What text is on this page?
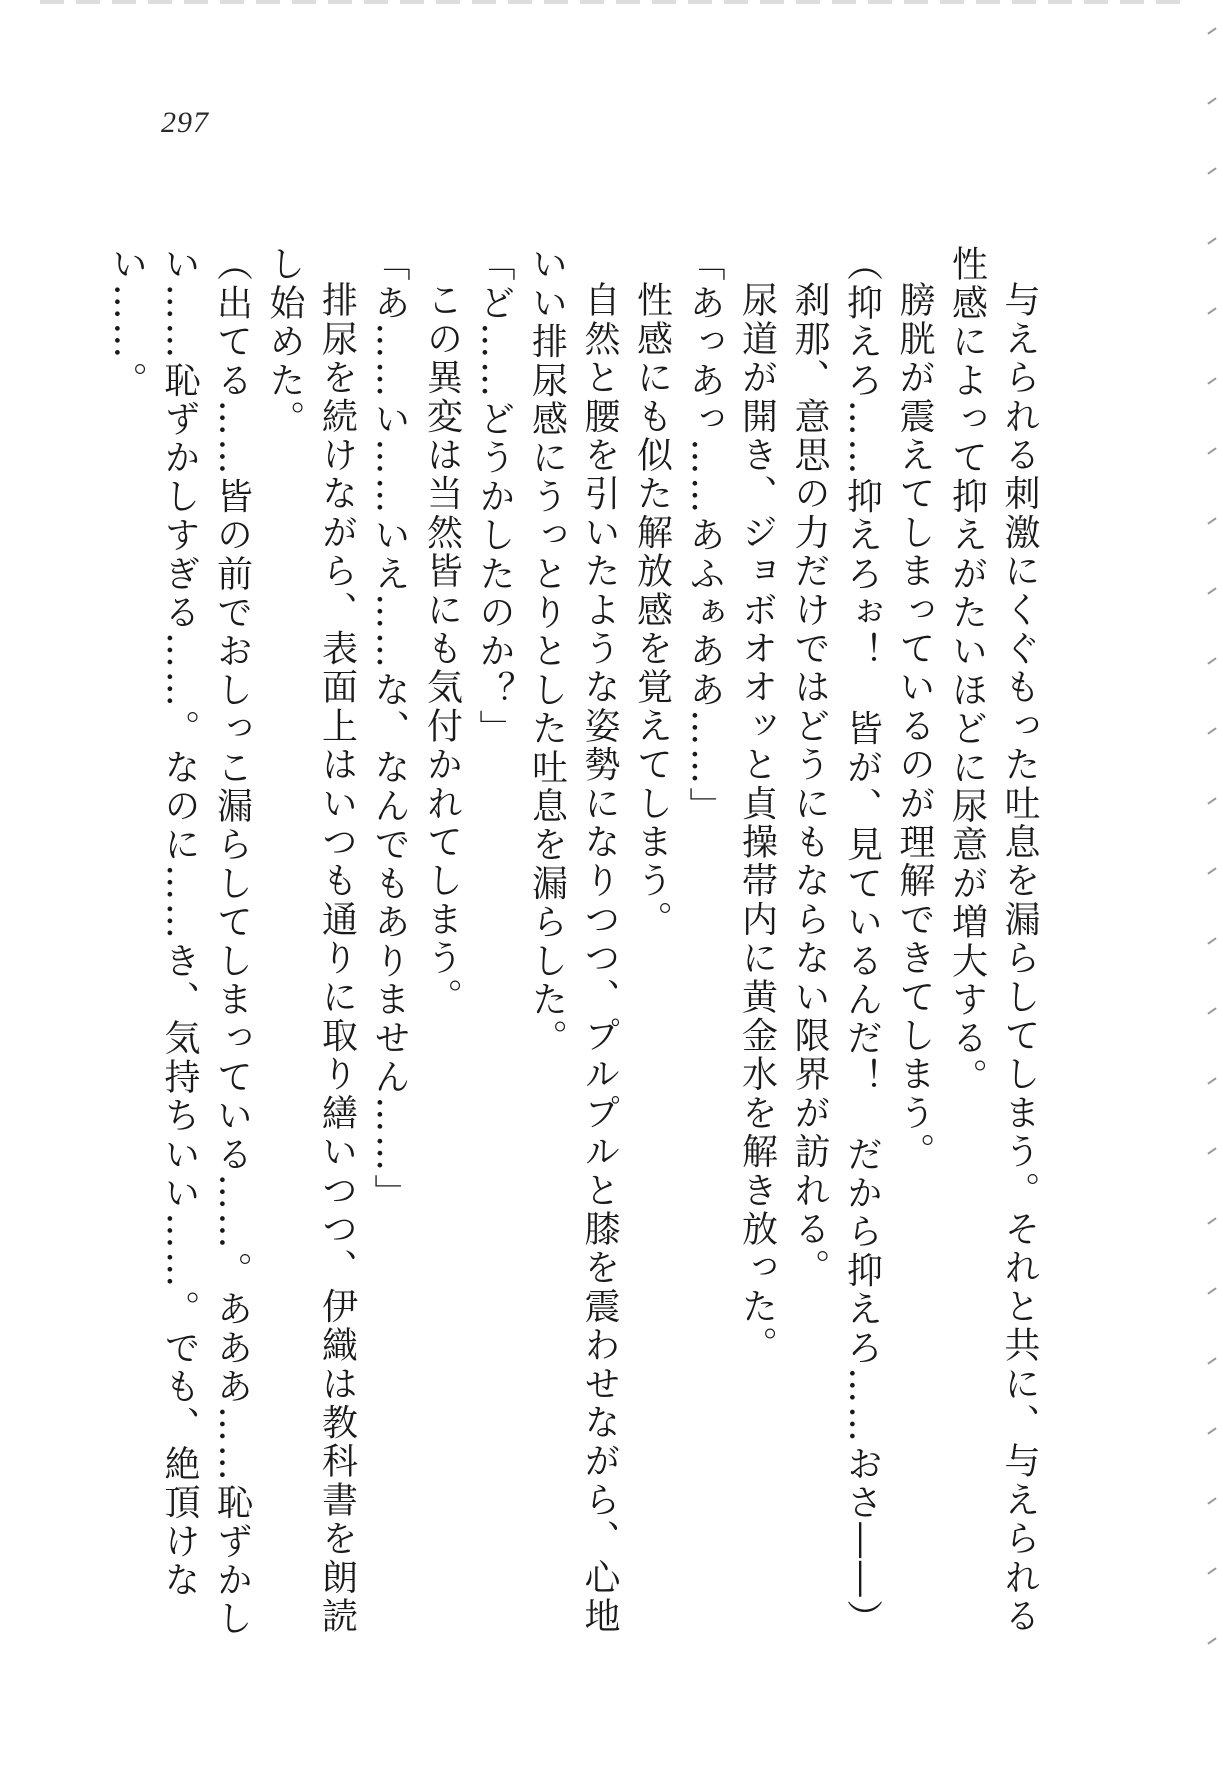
297

与えられる刺激にくぐもった吐息を漏らしてしまう。それと共に、与えられる性感によって抑えがたいほどに尿意が増大する。

膀胱が震えてしまっているのが理解できてしまう。

（抑えろ……抑えろぉ！　皆が、見ているんだ！　だから抑えろ……おさ――）

刹那、意思の力だけではどうにもならない限界が訪れる。

尿道が開き、ジョボオオッと貞操帯内に黄金水を解き放った。

「あっあっ……あふぁああ……」

性感にも似た解放感を覚えてしまう。

自然と腰を引いたような姿勢になりつつ、プルプルと膝を震わせながら、心地いい排尿感にうっとりとした吐息を漏らした。

「ど……どうかしたのか？」

この異変は当然皆にも気付かれてしまう。

「あ……い……いえ……な、なんでもありません……」

排尿を続けながら、表面上はいつも通りに取り繕いつつ、伊織は教科書を朗読し始めた。

（出てる……皆の前でおしっこ漏らしてしまっている……。あああ……恥ずかしい……恥ずかしすぎる……。なのに……き、気持ちいい……。でも、絶頂けない……。
